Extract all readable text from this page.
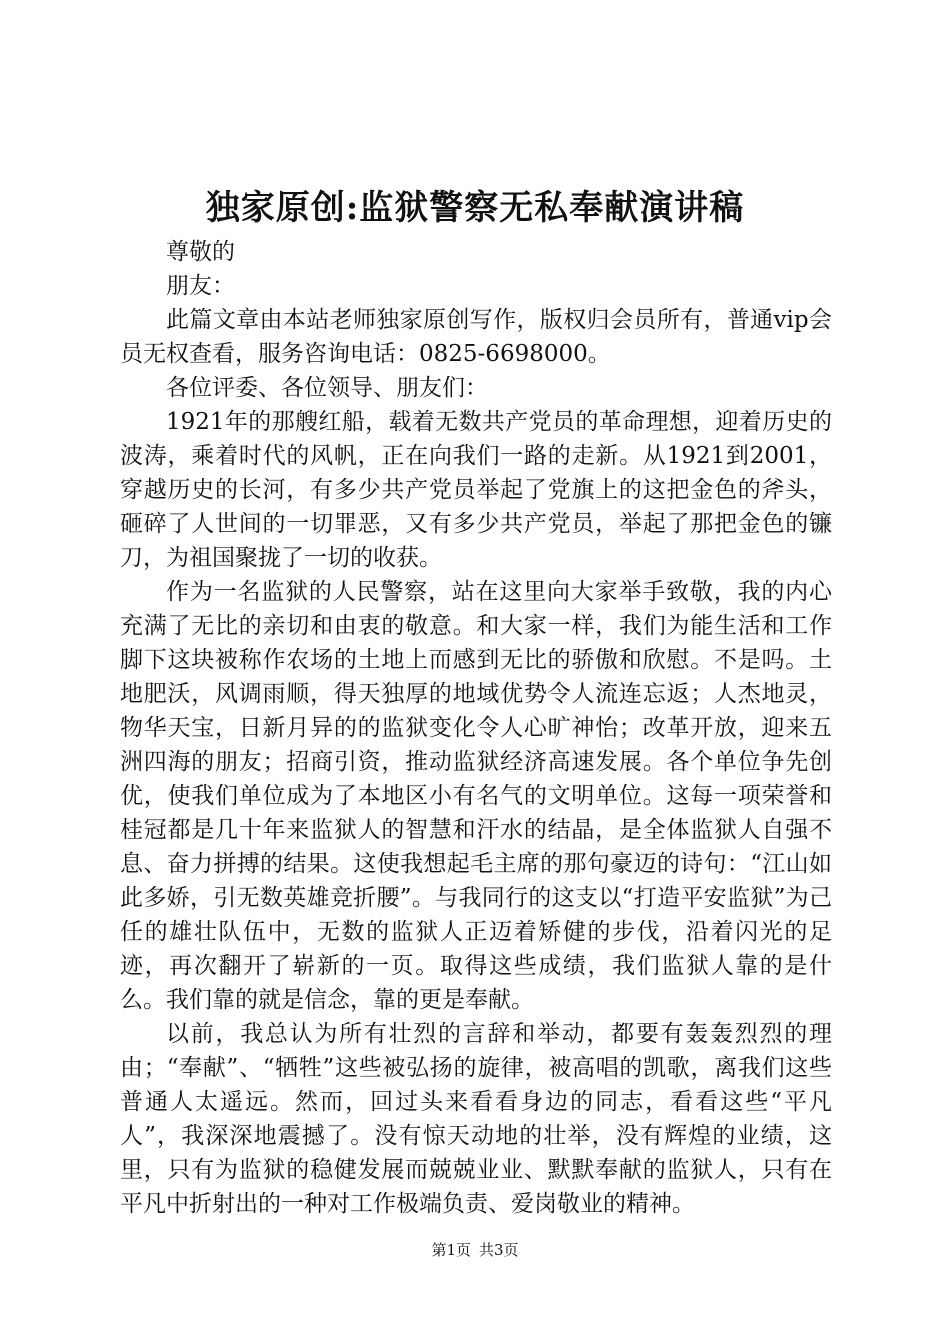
独家原创:监狱警察无私奉献演讲稿

尊敬的

朋友：

此篇文章由本站老师独家原创写作，版权归会员所有，普通vip会员无权查看，服务咨询电话：0825-6698000。

各位评委、各位领导、朋友们：

1921年的那艘红船，载着无数共产党员的革命理想，迎着历史的波涛，乘着时代的风帆，正在向我们一路的走新。从1921到2001，穿越历史的长河，有多少共产党员举起了党旗上的这把金色的斧头，砸碎了人世间的一切罪恶，又有多少共产党员，举起了那把金色的镰刀，为祖国聚拢了一切的收获。

作为一名监狱的人民警察，站在这里向大家举手致敬，我的内心充满了无比的亲切和由衷的敬意。和大家一样，我们为能生活和工作脚下这块被称作农场的土地上而感到无比的骄傲和欣慰。不是吗。土地肥沃，风调雨顺，得天独厚的地域优势令人流连忘返；人杰地灵，物华天宝，日新月异的的监狱变化令人心旷神怡；改革开放，迎来五洲四海的朋友；招商引资，推动监狱经济高速发展。各个单位争先创优，使我们单位成为了本地区小有名气的文明单位。这每一项荣誉和桂冠都是几十年来监狱人的智慧和汗水的结晶，是全体监狱人自强不息、奋力拼搏的结果。这使我想起毛主席的那句豪迈的诗句：“江山如此多娇，引无数英雄竞折腰”。与我同行的这支以“打造平安监狱”为己任的雄壮队伍中，无数的监狱人正迈着矫健的步伐，沿着闪光的足迹，再次翻开了崭新的一页。取得这些成绩，我们监狱人靠的是什么。我们靠的就是信念，靠的更是奉献。

以前，我总认为所有壮烈的言辞和举动，都要有轰轰烈烈的理由；“奉献”、“牺牲”这些被弘扬的旋律，被高唱的凯歌，离我们这些普通人太遥远。然而，回过头来看看身边的同志，看看这些“平凡人”，我深深地震撼了。没有惊天动地的壮举，没有辉煌的业绩，这里，只有为监狱的稳健发展而兢兢业业、默默奉献的监狱人，只有在平凡中折射出的一种对工作极端负责、爱岗敬业的精神。

第1页 共3页
